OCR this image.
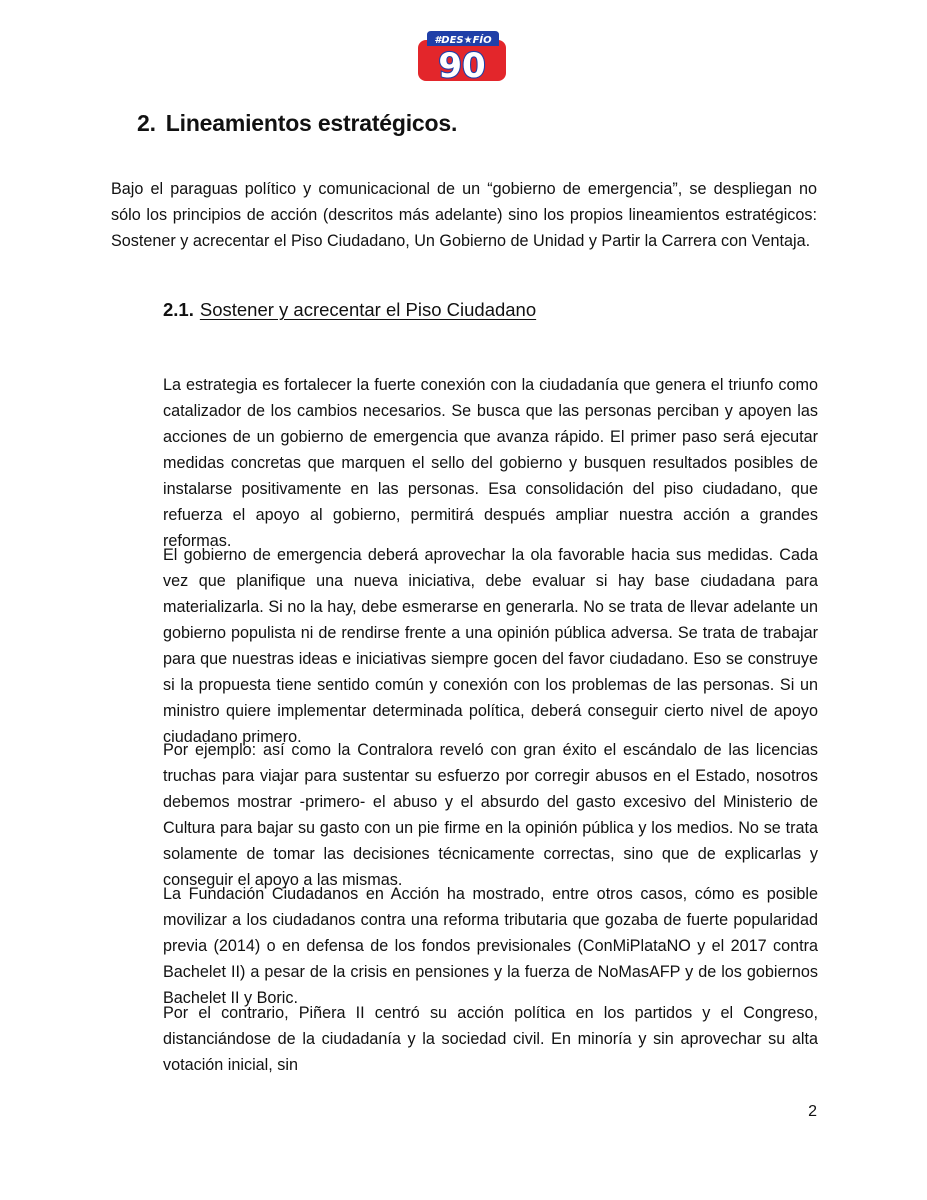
#DES★FÍO
90
2. Lineamientos estratégicos.

Bajo el paraguas político y comunicacional de un “gobierno de emergencia”, se despliegan no sólo los principios de acción (descritos más adelante) sino los propios lineamientos estratégicos: Sostener y acrecentar el Piso Ciudadano, Un Gobierno de Unidad y Partir la Carrera con Ventaja.

2.1. Sostener y acrecentar el Piso Ciudadano

La estrategia es fortalecer la fuerte conexión con la ciudadanía que genera el triunfo como catalizador de los cambios necesarios. Se busca que las personas perciban y apoyen las acciones de un gobierno de emergencia que avanza rápido. El primer paso será ejecutar medidas concretas que marquen el sello del gobierno y busquen resultados posibles de instalarse positivamente en las personas. Esa consolidación del piso ciudadano, que refuerza el apoyo al gobierno, permitirá después ampliar nuestra acción a grandes reformas.

El gobierno de emergencia deberá aprovechar la ola favorable hacia sus medidas. Cada vez que planifique una nueva iniciativa, debe evaluar si hay base ciudadana para materializarla. Si no la hay, debe esmerarse en generarla. No se trata de llevar adelante un gobierno populista ni de rendirse frente a una opinión pública adversa. Se trata de trabajar para que nuestras ideas e iniciativas siempre gocen del favor ciudadano. Eso se construye si la propuesta tiene sentido común y conexión con los problemas de las personas. Si un ministro quiere implementar determinada política, deberá conseguir cierto nivel de apoyo ciudadano primero.

Por ejemplo: así como la Contralora reveló con gran éxito el escándalo de las licencias truchas para viajar para sustentar su esfuerzo por corregir abusos en el Estado, nosotros debemos mostrar -primero- el abuso y el absurdo del gasto excesivo del Ministerio de Cultura para bajar su gasto con un pie firme en la opinión pública y los medios. No se trata solamente de tomar las decisiones técnicamente correctas, sino que de explicarlas y conseguir el apoyo a las mismas.

La Fundación Ciudadanos en Acción ha mostrado, entre otros casos, cómo es posible movilizar a los ciudadanos contra una reforma tributaria que gozaba de fuerte popularidad previa (2014) o en defensa de los fondos previsionales (ConMiPlataNO y el 2017 contra Bachelet II) a pesar de la crisis en pensiones y la fuerza de NoMasAFP y de los gobiernos Bachelet II y Boric.

Por el contrario, Piñera II centró su acción política en los partidos y el Congreso, distanciándose de la ciudadanía y la sociedad civil. En minoría y sin aprovechar su alta votación inicial, sin

2
